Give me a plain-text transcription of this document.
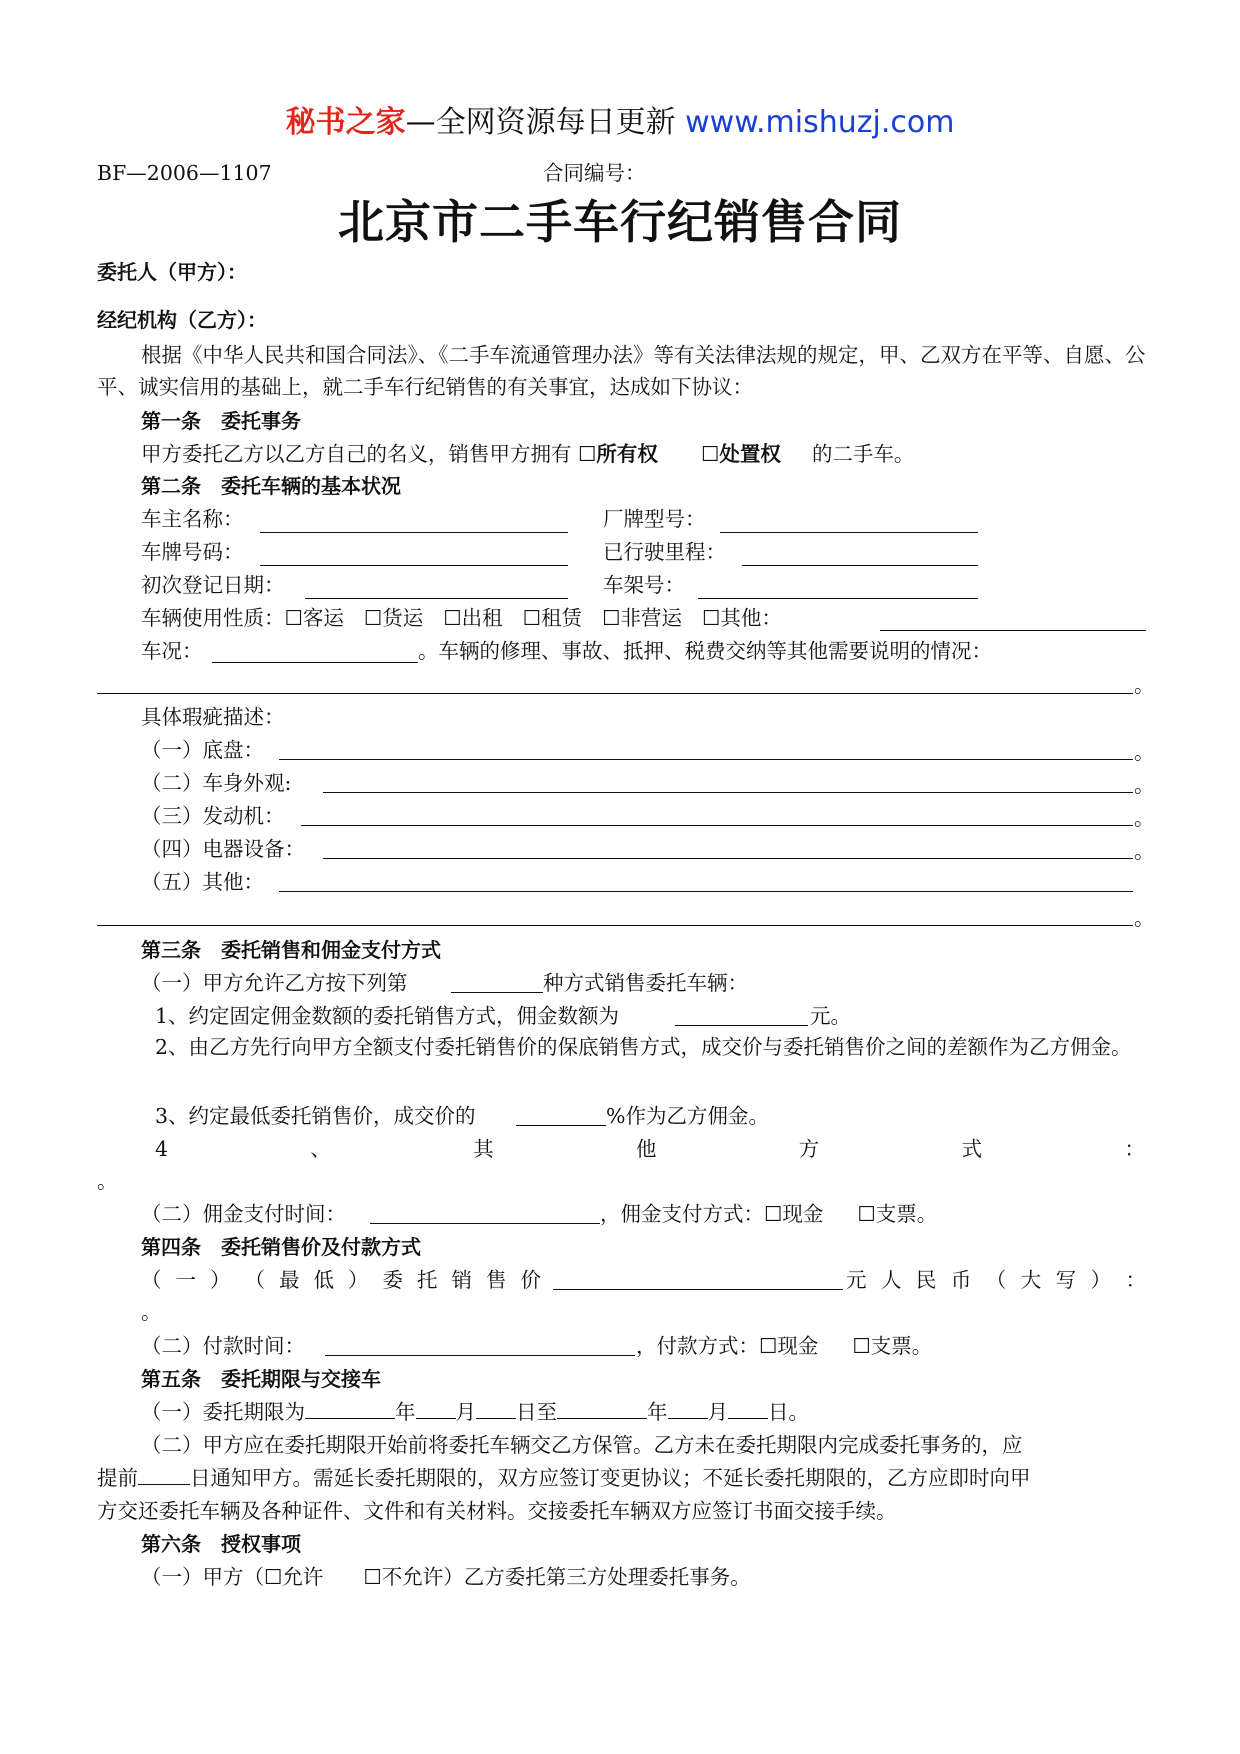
秘书之家—全网资源每日更新 www.mishuzj.com
BF—2006—1107	合同编号：
北京市二手车行纪销售合同
委托人（甲方）：
经纪机构（乙方）：
根据《中华人民共和国合同法》、《二手车流通管理办法》等有关法律法规的规定，甲、乙双方在平等、自愿、公平、诚实信用的基础上，就二手车行纪销售的有关事宜，达成如下协议：
第一条　委托事务
甲方委托乙方以乙方自己的名义，销售甲方拥有 ☐所有权 ☐处置权 的二手车。
第二条　委托车辆的基本状况
车主名称：	厂牌型号：
车牌号码：	已行驶里程：
初次登记日期：	车架号：
车辆使用性质：☐客运 ☐货运 ☐出租 ☐租赁 ☐非营运 ☐其他：
车况：	。车辆的修理、事故、抵押、税费交纳等其他需要说明的情况：
。
具体瑕疵描述：
（一）底盘：	。
（二）车身外观:	。
（三）发动机：	。
（四）电器设备：	。
（五）其他：
。
第三条　委托销售和佣金支付方式
（一）甲方允许乙方按下列第	种方式销售委托车辆：
1、约定固定佣金数额的委托销售方式，佣金数额为	元。
2、由乙方先行向甲方全额支付委托销售价的保底销售方式，成交价与委托销售价之间的差额作为乙方佣金。
3、约定最低委托销售价，成交价的	%作为乙方佣金。
4	、	其	他	方	式	：
。
（二）佣金支付时间：	，佣金支付方式：☐现金 ☐支票。
第四条　委托销售价及付款方式
（ 一 ） （ 最 低 ） 委 托 销 售 价	元 人 民 币 （ 大 写 ） ：
。
（二）付款时间：	，付款方式：☐现金 ☐支票。
第五条　委托期限与交接车
（一）委托期限为	年 月 日至	年 月 日。
（二）甲方应在委托期限开始前将委托车辆交乙方保管。乙方未在委托期限内完成委托事务的，应
提前	日通知甲方。需延长委托期限的，双方应签订变更协议；不延长委托期限的，乙方应即时向甲
方交还委托车辆及各种证件、文件和有关材料。交接委托车辆双方应签订书面交接手续。
第六条　授权事项
（一）甲方（☐允许 ☐不允许）乙方委托第三方处理委托事务。
